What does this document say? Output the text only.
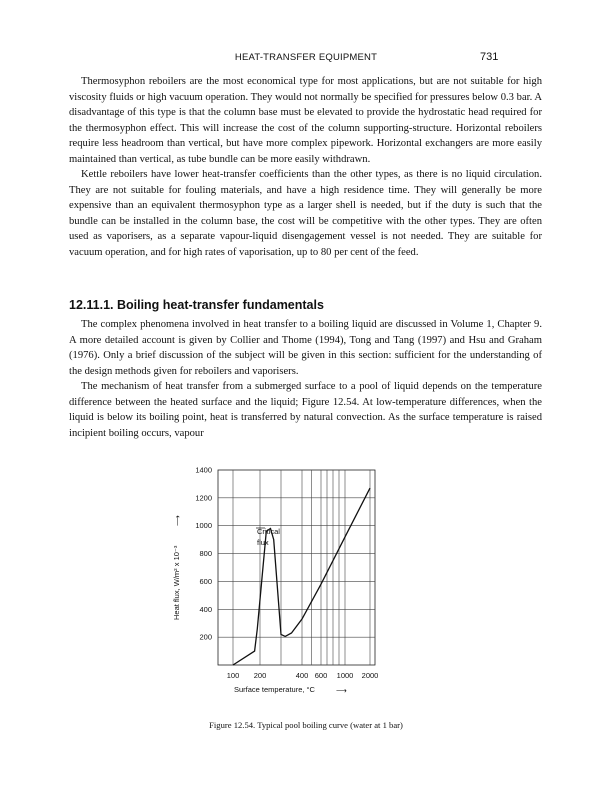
HEAT-TRANSFER EQUIPMENT	731

Thermosyphon reboilers are the most economical type for most applications, but are not suitable for high viscosity fluids or high vacuum operation. They would not normally be specified for pressures below 0.3 bar. A disadvantage of this type is that the column base must be elevated to provide the hydrostatic head required for the thermosyphon effect. This will increase the cost of the column supporting-structure. Horizontal reboilers require less headroom than vertical, but have more complex pipework. Horizontal exchangers are more easily maintained than vertical, as tube bundle can be more easily withdrawn.

Kettle reboilers have lower heat-transfer coefficients than the other types, as there is no liquid circulation. They are not suitable for fouling materials, and have a high residence time. They will generally be more expensive than an equivalent thermosyphon type as a larger shell is needed, but if the duty is such that the bundle can be installed in the column base, the cost will be competitive with the other types. They are often used as vaporisers, as a separate vapour-liquid disengagement vessel is not needed. They are suitable for vacuum operation, and for high rates of vaporisation, up to 80 per cent of the feed.

12.11.1. Boiling heat-transfer fundamentals

The complex phenomena involved in heat transfer to a boiling liquid are discussed in Volume 1, Chapter 9. A more detailed account is given by Collier and Thome (1994), Tong and Tang (1997) and Hsu and Graham (1976). Only a brief discussion of the subject will be given in this section: sufficient for the understanding of the design methods given for reboilers and vaporisers.

The mechanism of heat transfer from a submerged surface to a pool of liquid depends on the temperature difference between the heated surface and the liquid; Figure 12.54. At low-temperature differences, when the liquid is below its boiling point, heat is transferred by natural convection. As the surface temperature is raised incipient boiling occurs, vapour

200
400
600
800
1000
1200
1400
100 200	400 600 1000 2000
Critical
flux
Surface temperature, °C	⟶
Heat flux, W/m² x 10⁻³
⟶
Figure 12.54. Typical pool boiling curve (water at 1 bar)
